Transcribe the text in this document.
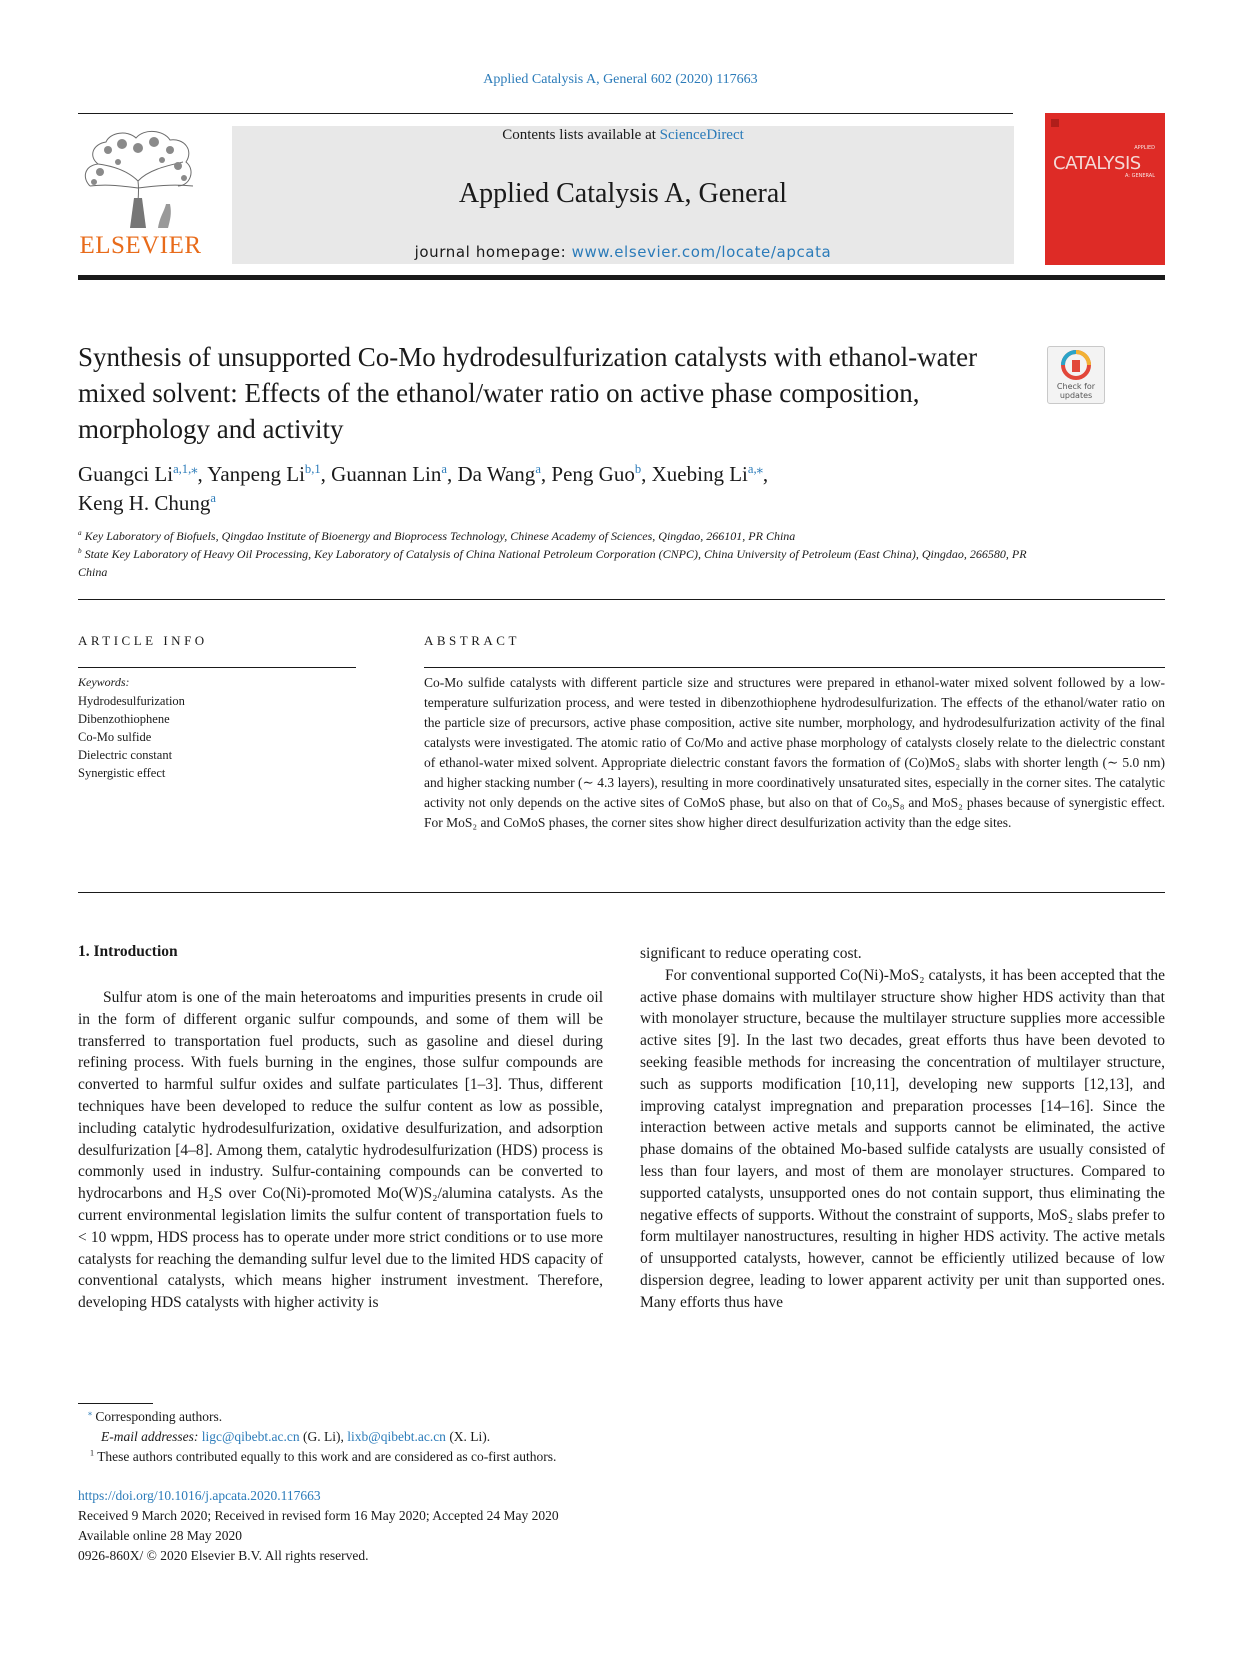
Applied Catalysis A, General 602 (2020) 117663
ELSEVIER
Contents lists available at ScienceDirect
Applied Catalysis A, General
journal homepage: www.elsevier.com/locate/apcata
APPLIED
CATALYSIS
A: GENERAL
Synthesis of unsupported Co-Mo hydrodesulfurization catalysts with ethanol-water mixed solvent: Effects of the ethanol/water ratio on active phase composition, morphology and activity
Check for
updates
Guangci $Li^{a,1,⁎}$, Yanpeng Li$^{b,1}$, Guannan Lin$^a$, Da Wang$^a$, Peng Guo$^b$, Xuebing $Li^{a,⁎}$,
Keng H. Chung$^a$
$^a$ Key Laboratory of Biofuels, Qingdao Institute of Bioenergy and Bioprocess Technology, Chinese Academy of Sciences, Qingdao, 266101, PR China
$^b$ State Key Laboratory of Heavy Oil Processing, Key Laboratory of Catalysis of China National Petroleum Corporation (CNPC), China University of Petroleum (East China), Qingdao, 266580, PR China
ARTICLE INFO
Keywords:
Hydrodesulfurization
Dibenzothiophene
Co-Mo sulfide
Dielectric constant
Synergistic effect
ABSTRACT
Co-Mo sulfide catalysts with different particle size and structures were prepared in ethanol-water mixed solvent followed by a low-temperature sulfurization process, and were tested in dibenzothiophene hydrodesulfurization. The effects of the ethanol/water ratio on the particle size of precursors, active phase composition, active site number, morphology, and hydrodesulfurization activity of the final catalysts were investigated. The atomic ratio of Co/Mo and active phase morphology of catalysts closely relate to the dielectric constant of ethanol-water mixed solvent. Appropriate dielectric constant favors the formation of (Co)MoS₂ slabs with shorter length (∼ 5.0 nm) and higher stacking number (∼ 4.3 layers), resulting in more coordinatively unsaturated sites, especially in the corner sites. The catalytic activity not only depends on the active sites of CoMoS phase, but also on that of Co₉S₈ and MoS₂ phases because of synergistic effect. For MoS₂ and CoMoS phases, the corner sites show higher direct desulfurization activity than the edge sites.
1. Introduction

Sulfur atom is one of the main heteroatoms and impurities presents in crude oil in the form of different organic sulfur compounds, and some of them will be transferred to transportation fuel products, such as gasoline and diesel during refining process. With fuels burning in the engines, those sulfur compounds are converted to harmful sulfur oxides and sulfate particulates [1–3]. Thus, different techniques have been developed to reduce the sulfur content as low as possible, including catalytic hydrodesulfurization, oxidative desulfurization, and adsorption desulfurization [4–8]. Among them, catalytic hydrodesulfurization (HDS) process is commonly used in industry. Sulfur-containing compounds can be converted to hydrocarbons and H₂S over Co(Ni)-promoted Mo(W)S₂/alumina catalysts. As the current environmental legislation limits the sulfur content of transportation fuels to < 10 wppm, HDS process has to operate under more strict conditions or to use more catalysts for reaching the demanding sulfur level due to the limited HDS capacity of conventional catalysts, which means higher instrument investment. Therefore, developing HDS catalysts with higher activity is

significant to reduce operating cost.

For conventional supported Co(Ni)-MoS₂ catalysts, it has been accepted that the active phase domains with multilayer structure show higher HDS activity than that with monolayer structure, because the multilayer structure supplies more accessible active sites [9]. In the last two decades, great efforts thus have been devoted to seeking feasible methods for increasing the concentration of multilayer structure, such as supports modification [10,11], developing new supports [12,13], and improving catalyst impregnation and preparation processes [14–16]. Since the interaction between active metals and supports cannot be eliminated, the active phase domains of the obtained Mo-based sulfide catalysts are usually consisted of less than four layers, and most of them are monolayer structures. Compared to supported catalysts, unsupported ones do not contain support, thus eliminating the negative effects of supports. Without the constraint of supports, MoS₂ slabs prefer to form multilayer nanostructures, resulting in higher HDS activity. The active metals of unsupported catalysts, however, cannot be efficiently utilized because of low dispersion degree, leading to lower apparent activity per unit than supported ones. Many efforts thus have

⁎ Corresponding authors.
E-mail addresses: ligc@qibebt.ac.cn (G. Li), lixb@qibebt.ac.cn (X. Li).
$^1$ These authors contributed equally to this work and are considered as co-first authors.
https://doi.org/10.1016/j.apcata.2020.117663
Received 9 March 2020; Received in revised form 16 May 2020; Accepted 24 May 2020
Available online 28 May 2020
0926-860X/ © 2020 Elsevier B.V. All rights reserved.
